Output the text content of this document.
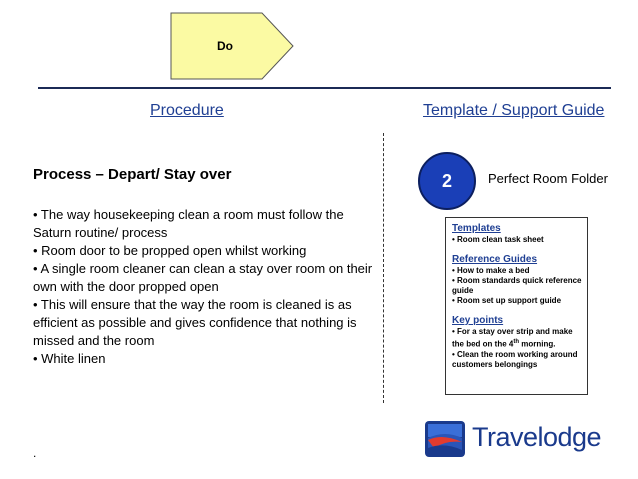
Do
Procedure	Template / Support Guide
Process – Depart/ Stay over
• The way housekeeping clean a room must follow the Saturn routine/ process
• Room door to be propped open whilst working
• A single room cleaner can clean a stay over room on their own with the door propped open
• This will ensure that the way the room is cleaned is as efficient as possible and gives confidence that nothing is missed and the room
• White linen
2	Perfect Room Folder
Templates
• Room clean task sheet
Reference Guides
• How to make a bed
• Room standards quick reference guide
• Room set up support guide
Key points
• For a stay over strip and make the bed on the 4th morning.
• Clean the room working around customers belongings
Travelodge
.
